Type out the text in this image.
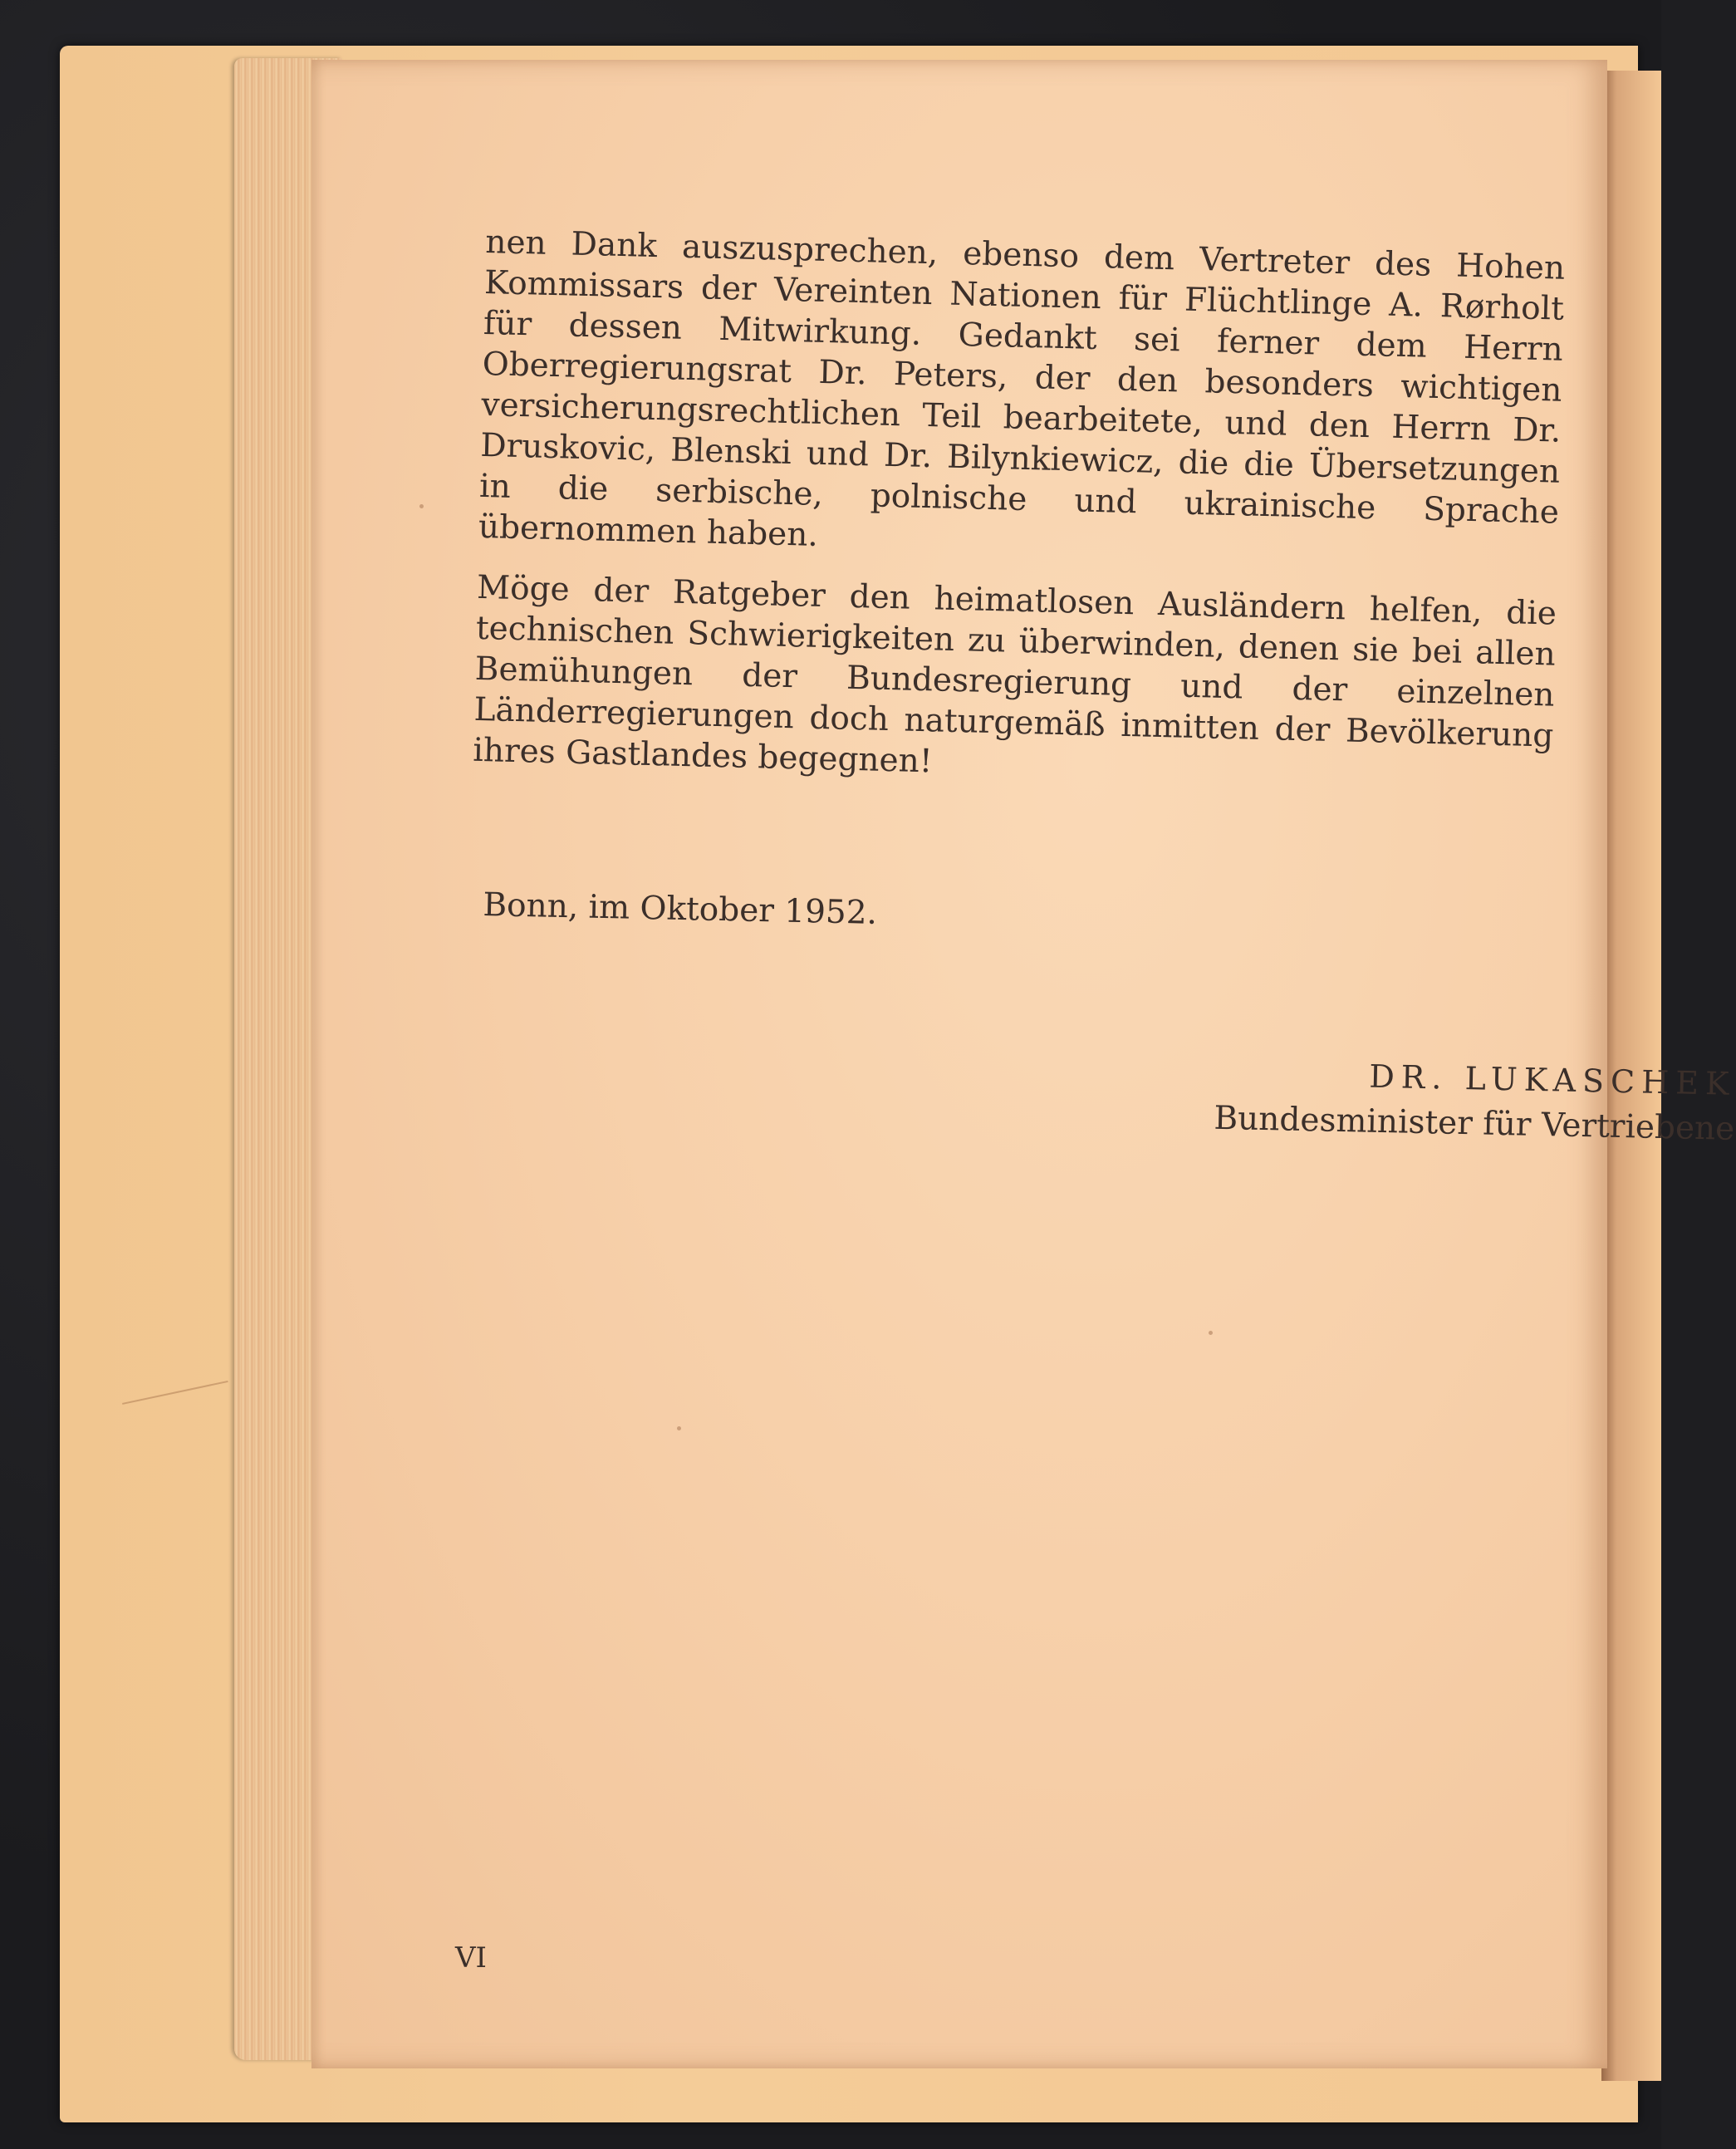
nen Dank auszusprechen, ebenso dem Vertreter des Hohen Kommissars der Vereinten Nationen für Flüchtlinge A. Rørholt für dessen Mitwirkung. Gedankt sei ferner dem Herrn Oberregierungsrat Dr. Peters, der den besonders wichtigen versicherungsrechtlichen Teil bearbeitete, und den Herrn Dr. Druskovic, Blenski und Dr. Bilynkiewicz, die die Übersetzungen in die serbische, polnische und ukrainische Sprache übernommen haben.

Möge der Ratgeber den heimatlosen Ausländern helfen, die technischen Schwierigkeiten zu überwinden, denen sie bei allen Bemühungen der Bundesregierung und der einzelnen Länderregierungen doch naturgemäß inmitten der Bevölkerung ihres Gastlandes begegnen!

Bonn, im Oktober 1952.
DR. LUKASCHEK
Bundesminister für Vertriebene
VI
